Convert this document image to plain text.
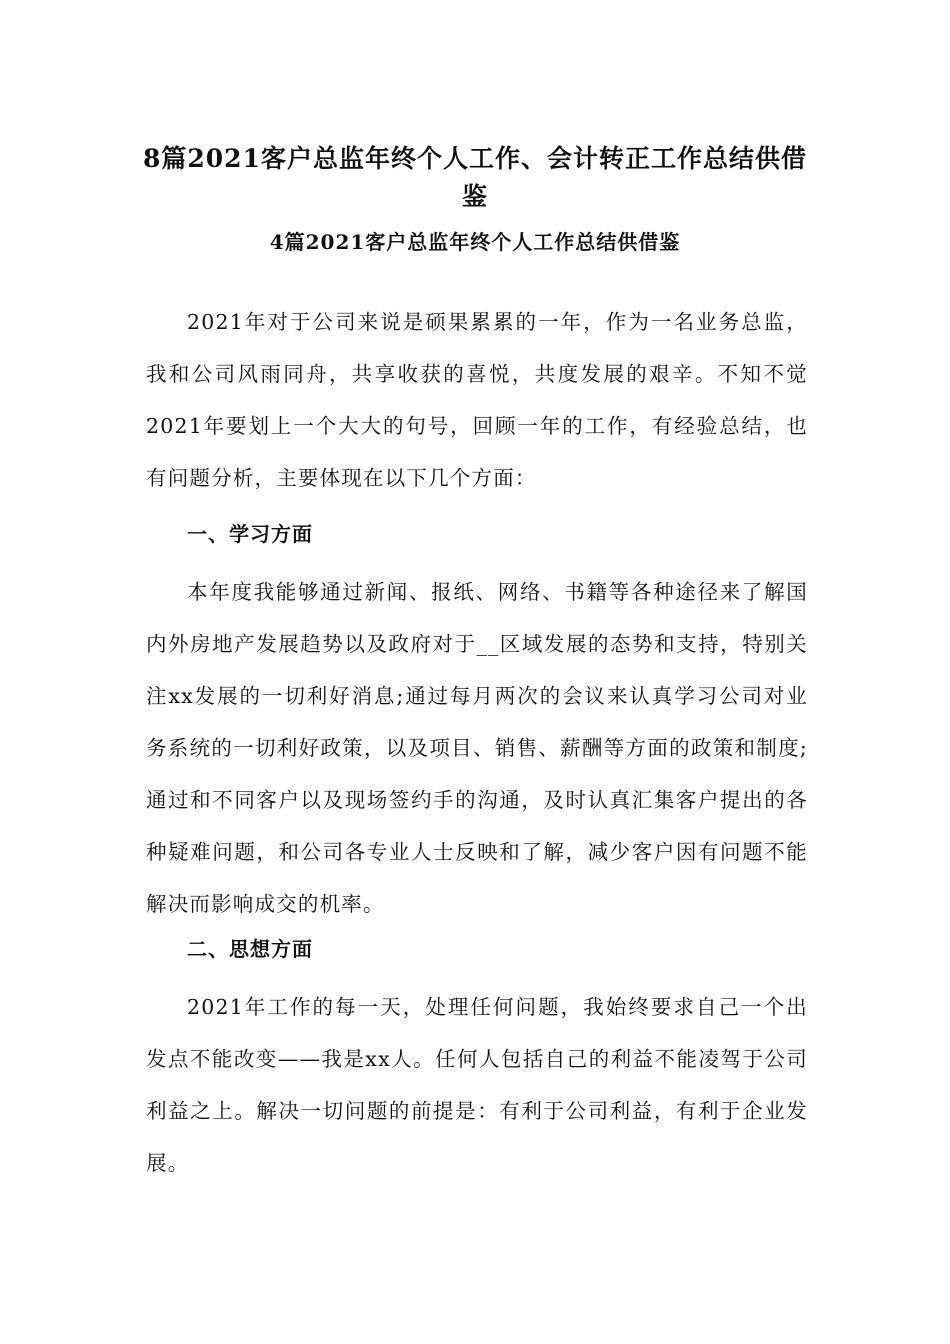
8篇2021客户总监年终个人工作、会计转正工作总结供借
鉴
4篇2021客户总监年终个人工作总结供借鉴

2021年对于公司来说是硕果累累的一年，作为一名业务总监，我和公司风雨同舟，共享收获的喜悦，共度发展的艰辛。不知不觉2021年要划上一个大大的句号，回顾一年的工作，有经验总结，也有问题分析，主要体现在以下几个方面：

一、学习方面

本年度我能够通过新闻、报纸、网络、书籍等各种途径来了解国内外房地产发展趋势以及政府对于__区域发展的态势和支持，特别关注xx发展的一切利好消息;通过每月两次的会议来认真学习公司对业务系统的一切利好政策，以及项目、销售、薪酬等方面的政策和制度;通过和不同客户以及现场签约手的沟通，及时认真汇集客户提出的各种疑难问题，和公司各专业人士反映和了解，减少客户因有问题不能解决而影响成交的机率。

二、思想方面

2021年工作的每一天，处理任何问题，我始终要求自己一个出发点不能改变——我是xx人。任何人包括自己的利益不能凌驾于公司利益之上。解决一切问题的前提是：有利于公司利益，有利于企业发展。
